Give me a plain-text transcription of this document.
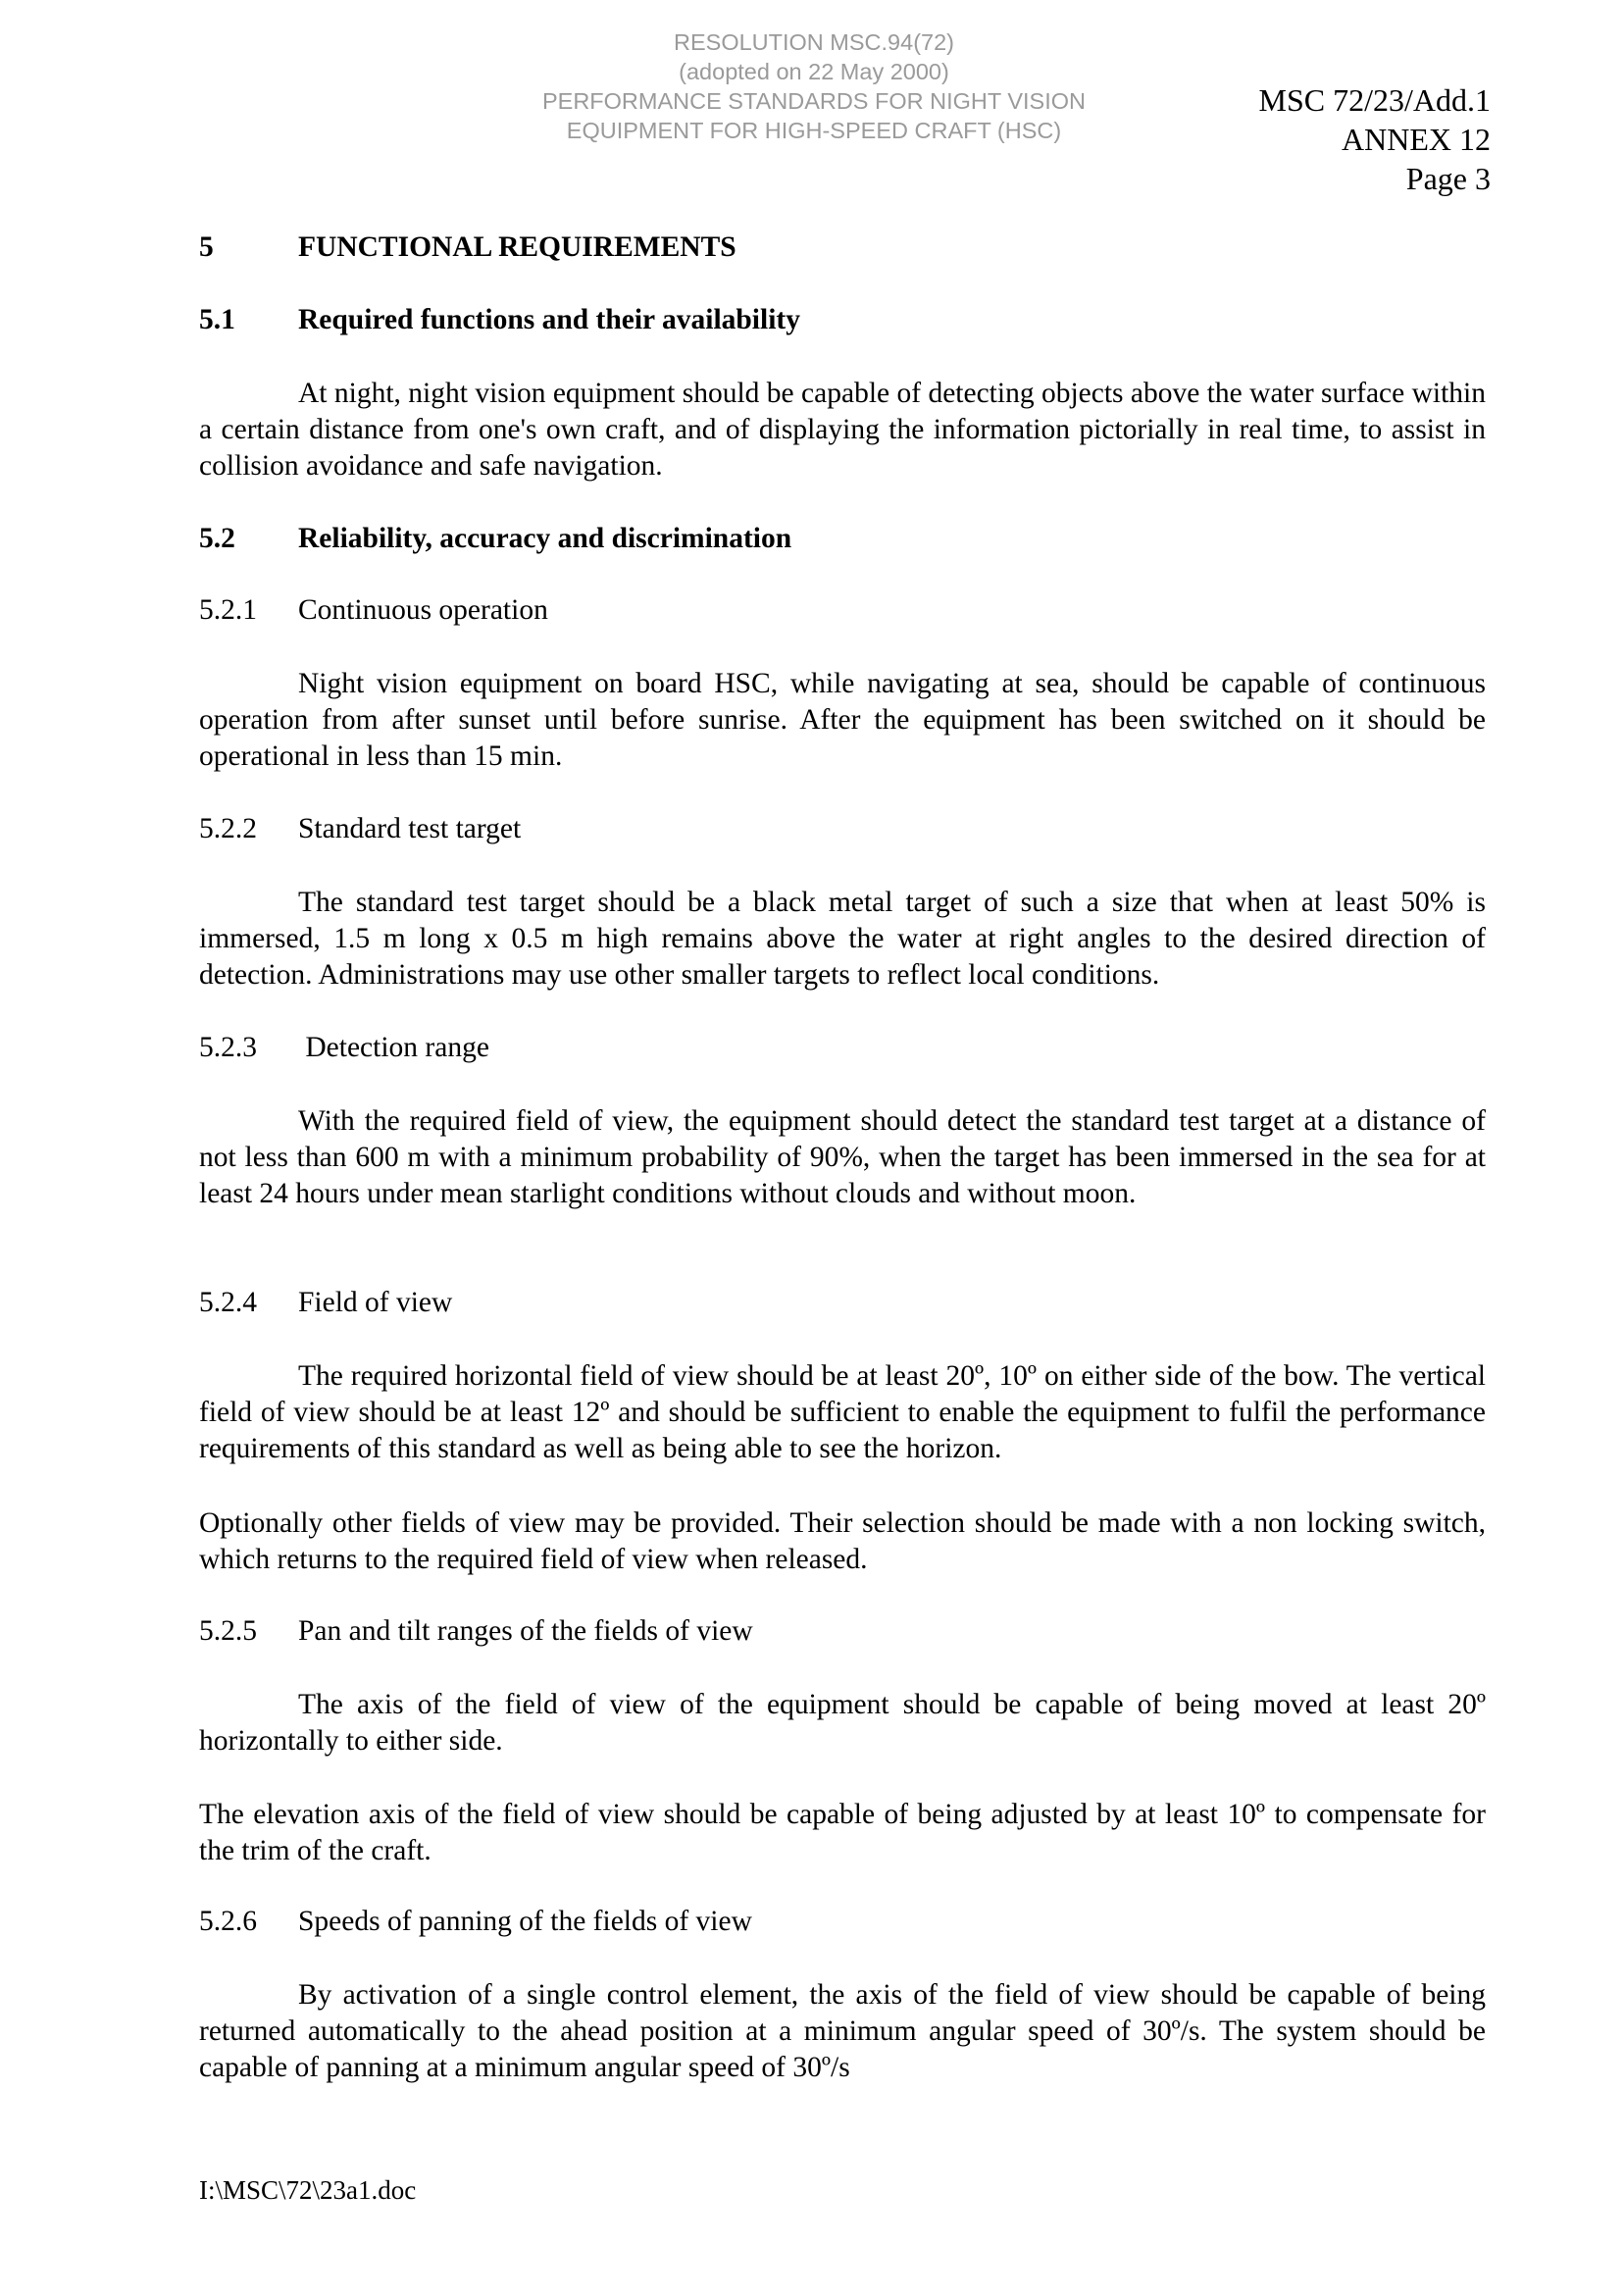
RESOLUTION MSC.94(72)
(adopted on 22 May 2000)
PERFORMANCE STANDARDS FOR NIGHT VISION
EQUIPMENT FOR HIGH-SPEED CRAFT (HSC)
MSC 72/23/Add.1
ANNEX 12
Page 3
5	FUNCTIONAL REQUIREMENTS
5.1 Required functions and their availability

At night, night vision equipment should be capable of detecting objects above the water surface within a certain distance from one's own craft, and of displaying the information pictorially in real time, to assist in collision avoidance and safe navigation.

5.2 Reliability, accuracy and discrimination
5.2.1 Continuous operation

Night vision equipment on board HSC, while navigating at sea, should be capable of continuous operation from after sunset until before sunrise. After the equipment has been switched on it should be operational in less than 15 min.

5.2.2 Standard test target

The standard test target should be a black metal target of such a size that when at least 50% is immersed, 1.5 m long x 0.5 m high remains above the water at right angles to the desired direction of detection. Administrations may use other smaller targets to reflect local conditions.

5.2.3 Detection range

With the required field of view, the equipment should detect the standard test target at a distance of not less than 600 m with a minimum probability of 90%, when the target has been immersed in the sea for at least 24 hours under mean starlight conditions without clouds and without moon.

5.2.4 Field of view

The required horizontal field of view should be at least 20º, 10º on either side of the bow. The vertical field of view should be at least 12º and should be sufficient to enable the equipment to fulfil the performance requirements of this standard as well as being able to see the horizon.

Optionally other fields of view may be provided. Their selection should be made with a non locking switch, which returns to the required field of view when released.

5.2.5 Pan and tilt ranges of the fields of view

The axis of the field of view of the equipment should be capable of being moved at least 20º horizontally to either side.

The elevation axis of the field of view should be capable of being adjusted by at least 10º to compensate for the trim of the craft.

5.2.6 Speeds of panning of the fields of view

By activation of a single control element, the axis of the field of view should be capable of being returned automatically to the ahead position at a minimum angular speed of 30º/s. The system should be capable of panning at a minimum angular speed of 30º/s

I:\MSC\72\23a1.doc
